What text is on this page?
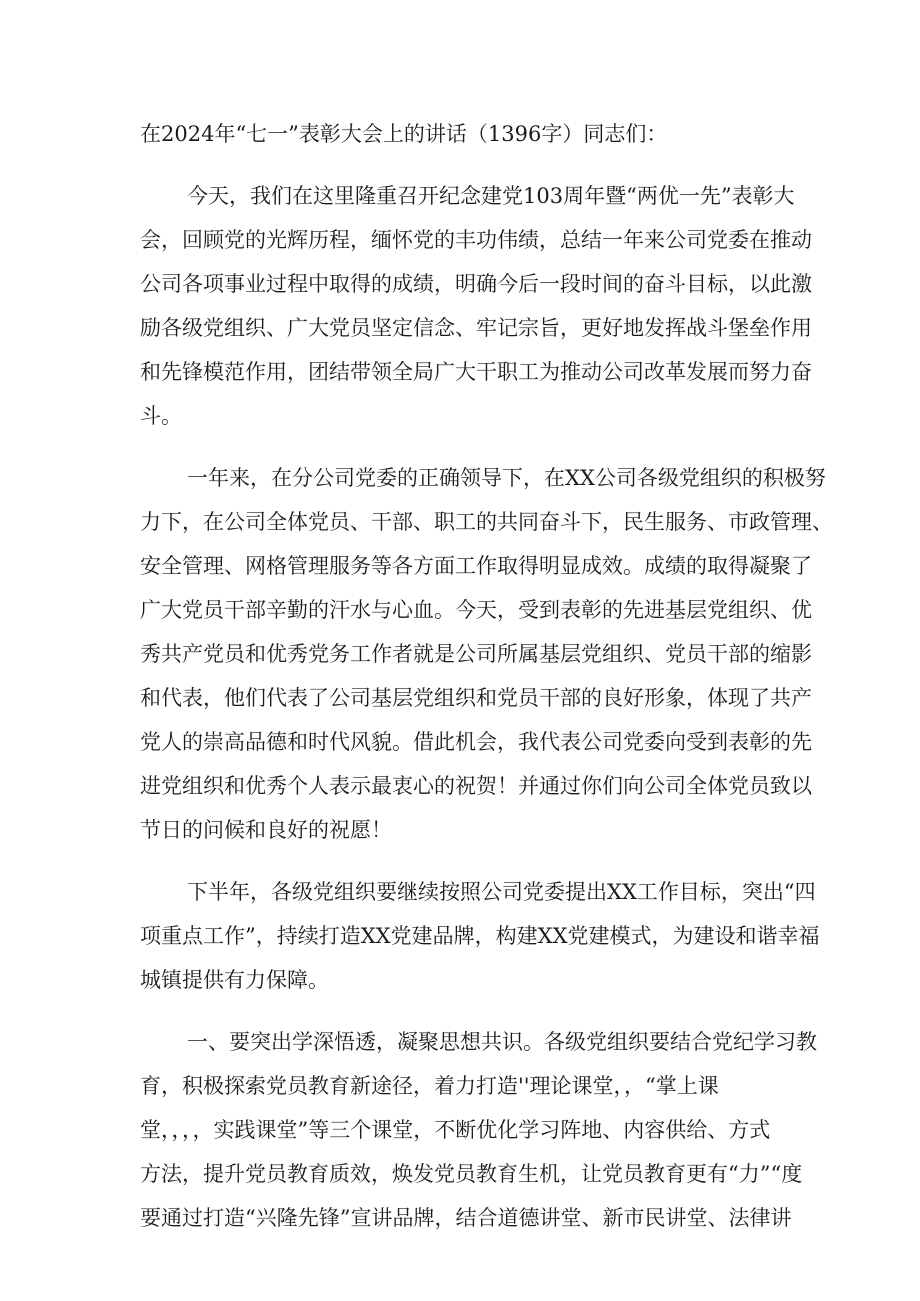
在2024年“七一”表彰大会上的讲话（1396字）同志们：
今天，我们在这里隆重召开纪念建党103周年暨“两优一先”表彰大
会，回顾党的光辉历程，缅怀党的丰功伟绩，总结一年来公司党委在推动
公司各项事业过程中取得的成绩，明确今后一段时间的奋斗目标，以此激
励各级党组织、广大党员坚定信念、牢记宗旨，更好地发挥战斗堡垒作用
和先锋模范作用，团结带领全局广大干职工为推动公司改革发展而努力奋
斗。
一年来，在分公司党委的正确领导下，在XX公司各级党组织的积极努
力下，在公司全体党员、干部、职工的共同奋斗下，民生服务、市政管理、
安全管理、网格管理服务等各方面工作取得明显成效。成绩的取得凝聚了
广大党员干部辛勤的汗水与心血。今天，受到表彰的先进基层党组织、优
秀共产党员和优秀党务工作者就是公司所属基层党组织、党员干部的缩影
和代表，他们代表了公司基层党组织和党员干部的良好形象，体现了共产
党人的崇高品德和时代风貌。借此机会，我代表公司党委向受到表彰的先
进党组织和优秀个人表示最衷心的祝贺！并通过你们向公司全体党员致以
节日的问候和良好的祝愿！
下半年，各级党组织要继续按照公司党委提出XX工作目标，突出“四
项重点工作”，持续打造XX党建品牌，构建XX党建模式，为建设和谐幸福
城镇提供有力保障。
一、要突出学深悟透，凝聚思想共识。各级党组织要结合党纪学习教
育，积极探索党员教育新途径，着力打造''理论课堂，，“掌上课
堂，，，，实践课堂”等三个课堂，不断优化学习阵地、内容供给、方式
方法，提升党员教育质效，焕发党员教育生机，让党员教育更有“力”“度
要通过打造“兴隆先锋”宣讲品牌，结合道德讲堂、新市民讲堂、法律讲
